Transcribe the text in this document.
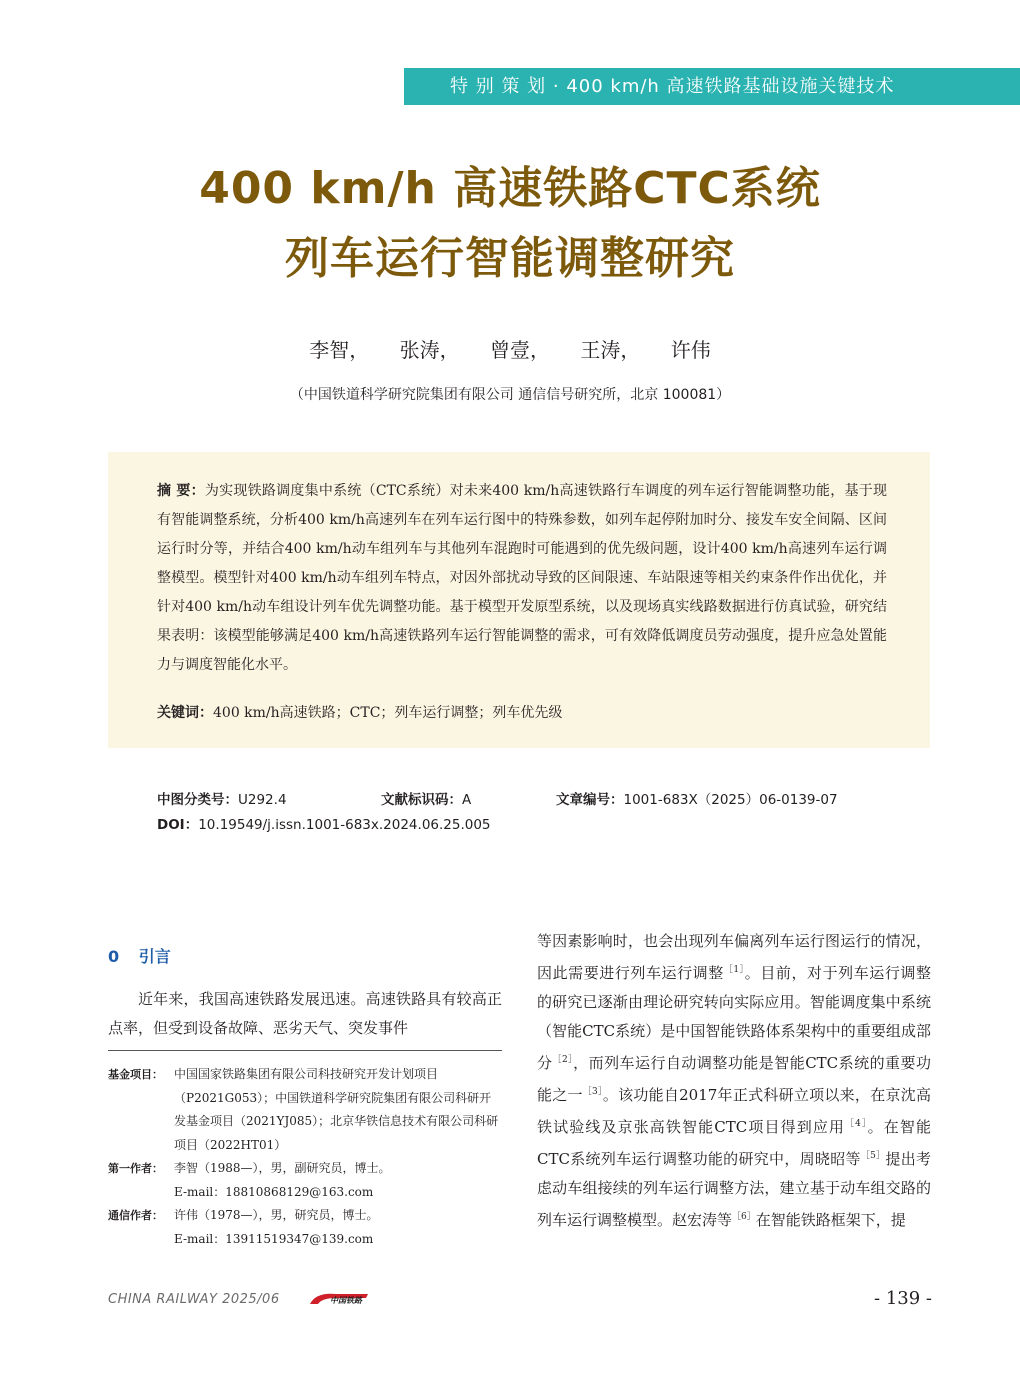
特 别 策 划 · 400 km/h 高速铁路基础设施关键技术
400 km/h 高速铁路CTC系统
列车运行智能调整研究
李智， 张涛， 曾壹， 王涛， 许伟
（中国铁道科学研究院集团有限公司 通信信号研究所，北京 100081）
摘 要：为实现铁路调度集中系统（CTC系统）对未来400 km/h高速铁路行车调度的列车运行智能调整功能，基于现有智能调整系统，分析400 km/h高速列车在列车运行图中的特殊参数，如列车起停附加时分、接发车安全间隔、区间运行时分等，并结合400 km/h动车组列车与其他列车混跑时可能遇到的优先级问题，设计400 km/h高速列车运行调整模型。模型针对400 km/h动车组列车特点，对因外部扰动导致的区间限速、车站限速等相关约束条件作出优化，并针对400 km/h动车组设计列车优先调整功能。基于模型开发原型系统，以及现场真实线路数据进行仿真试验，研究结果表明：该模型能够满足400 km/h高速铁路列车运行智能调整的需求，可有效降低调度员劳动强度，提升应急处置能力与调度智能化水平。
关键词：400 km/h高速铁路；CTC；列车运行调整；列车优先级
中图分类号：U292.4	文献标识码：A	文章编号：1001-683X（2025）06-0139-07
DOI：10.19549/j.issn.1001-683x.2024.06.25.005
0 引言

近年来，我国高速铁路发展迅速。高速铁路具有较高正点率，但受到设备故障、恶劣天气、突发事件

基金项目： 中国国家铁路集团有限公司科技研究开发计划项目（P2021G053）；中国铁道科学研究院集团有限公司科研开发基金项目（2021YJ085）；北京华铁信息技术有限公司科研项目（2022HT01）
第一作者： 李智（1988—），男，副研究员，博士。
E-mail：18810868129@163.com
通信作者： 许伟（1978—），男，研究员，博士。
E-mail：13911519347@139.com

等因素影响时，也会出现列车偏离列车运行图运行的情况，因此需要进行列车运行调整$^{[1]}$。目前，对于列车运行调整的研究已逐渐由理论研究转向实际应用。智能调度集中系统（智能CTC系统）是中国智能铁路体系架构中的重要组成部分$^{[2]}$，而列车运行自动调整功能是智能CTC系统的重要功能之一$^{[3]}$。该功能自2017年正式科研立项以来，在京沈高铁试验线及京张高铁智能CTC项目得到应用$^{[4]}$。在智能CTC系统列车运行调整功能的研究中，周晓昭等$^{[5]}$提出考虑动车组接续的列车运行调整方法，建立基于动车组交路的列车运行调整模型。赵宏涛等$^{[6]}$在智能铁路框架下，提

CHINA RAILWAY 2025/06	中国铁路	- 139 -
